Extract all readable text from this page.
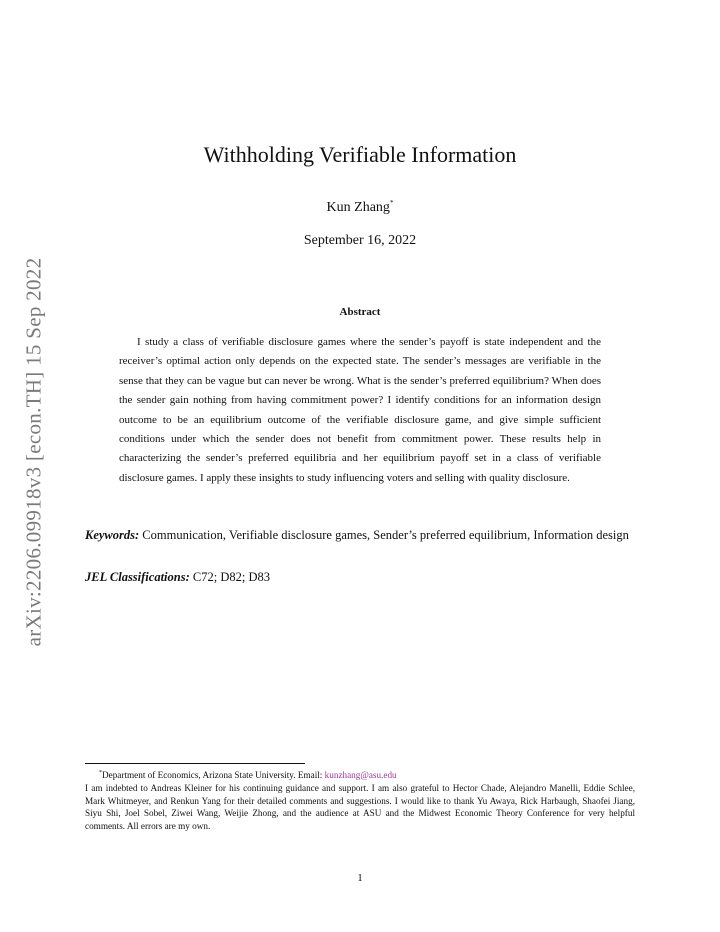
arXiv:2206.09918v3 [econ.TH] 15 Sep 2022
Withholding Verifiable Information
Kun Zhang*
September 16, 2022
Abstract

I study a class of verifiable disclosure games where the sender’s payoff is state independent and the receiver’s optimal action only depends on the expected state. The sender’s messages are verifiable in the sense that they can be vague but can never be wrong. What is the sender’s preferred equilibrium? When does the sender gain nothing from having commitment power? I identify conditions for an information design outcome to be an equilibrium outcome of the verifiable disclosure game, and give simple sufficient conditions under which the sender does not benefit from commitment power. These results help in characterizing the sender’s preferred equilibria and her equilibrium payoff set in a class of verifiable disclosure games. I apply these insights to study influencing voters and selling with quality disclosure.

Keywords: Communication, Verifiable disclosure games, Sender’s preferred equilibrium, Information design

JEL Classifications: C72; D82; D83

*Department of Economics, Arizona State University. Email: kunzhang@asu.edu

I am indebted to Andreas Kleiner for his continuing guidance and support. I am also grateful to Hector Chade, Alejandro Manelli, Eddie Schlee, Mark Whitmeyer, and Renkun Yang for their detailed comments and suggestions. I would like to thank Yu Awaya, Rick Harbaugh, Shaofei Jiang, Siyu Shi, Joel Sobel, Ziwei Wang, Weijie Zhong, and the audience at ASU and the Midwest Economic Theory Conference for very helpful comments. All errors are my own.

1
